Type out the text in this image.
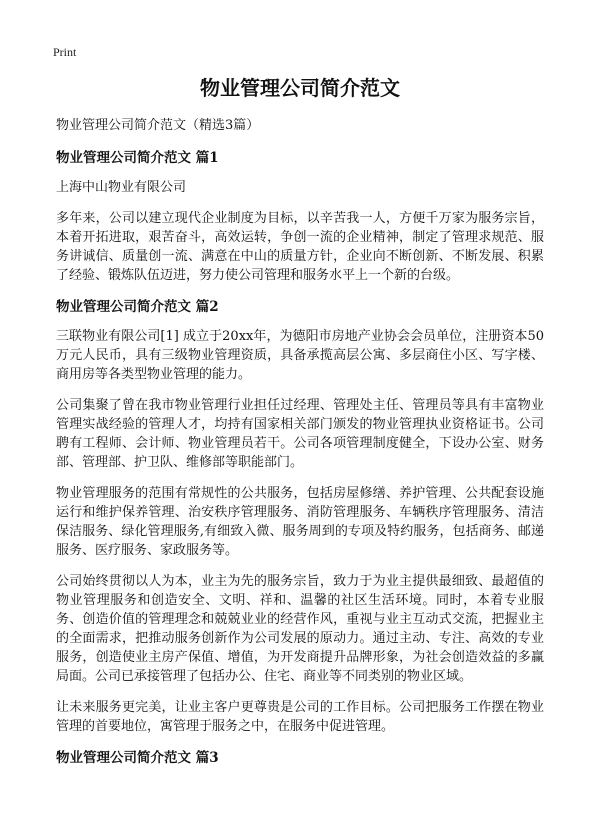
Print
物业管理公司简介范文

物业管理公司简介范文（精选3篇）

物业管理公司简介范文 篇1

上海中山物业有限公司

多年来，公司以建立现代企业制度为目标，以辛苦我一人，方便千万家为服务宗旨，本着开拓进取，艰苦奋斗，高效运转，争创一流的企业精神，制定了管理求规范、服务讲诚信、质量创一流、满意在中山的质量方针，企业向不断创新、不断发展、积累了经验、锻炼队伍迈进，努力使公司管理和服务水平上一个新的台级。

物业管理公司简介范文 篇2

三联物业有限公司[1] 成立于20xx年，为德阳市房地产业协会会员单位，注册资本50万元人民币，具有三级物业管理资质，具备承揽高层公寓、多层商住小区、写字楼、商用房等各类型物业管理的能力。

公司集聚了曾在我市物业管理行业担任过经理、管理处主任、管理员等具有丰富物业管理实战经验的管理人才，均持有国家相关部门颁发的物业管理执业资格证书。公司聘有工程师、会计师、物业管理员若干。公司各项管理制度健全，下设办公室、财务部、管理部、护卫队、维修部等职能部门。

物业管理服务的范围有常规性的公共服务，包括房屋修缮、养护管理、公共配套设施运行和维护保养管理、治安秩序管理服务、消防管理服务、车辆秩序管理服务、清洁保洁服务、绿化管理服务,有细致入微、服务周到的专项及特约服务，包括商务、邮递服务、医疗服务、家政服务等。

公司始终贯彻以人为本，业主为先的服务宗旨，致力于为业主提供最细致、最超值的物业管理服务和创造安全、文明、祥和、温馨的社区生活环境。同时，本着专业服务、创造价值的管理理念和兢兢业业的经营作风，重视与业主互动式交流，把握业主的全面需求，把推动服务创新作为公司发展的原动力。通过主动、专注、高效的专业服务，创造使业主房产保值、增值，为开发商提升品牌形象，为社会创造效益的多赢局面。公司已承接管理了包括办公、住宅、商业等不同类别的物业区域。

让未来服务更完美，让业主客户更尊贵是公司的工作目标。公司把服务工作摆在物业管理的首要地位，寓管理于服务之中，在服务中促进管理。

物业管理公司简介范文 篇3
